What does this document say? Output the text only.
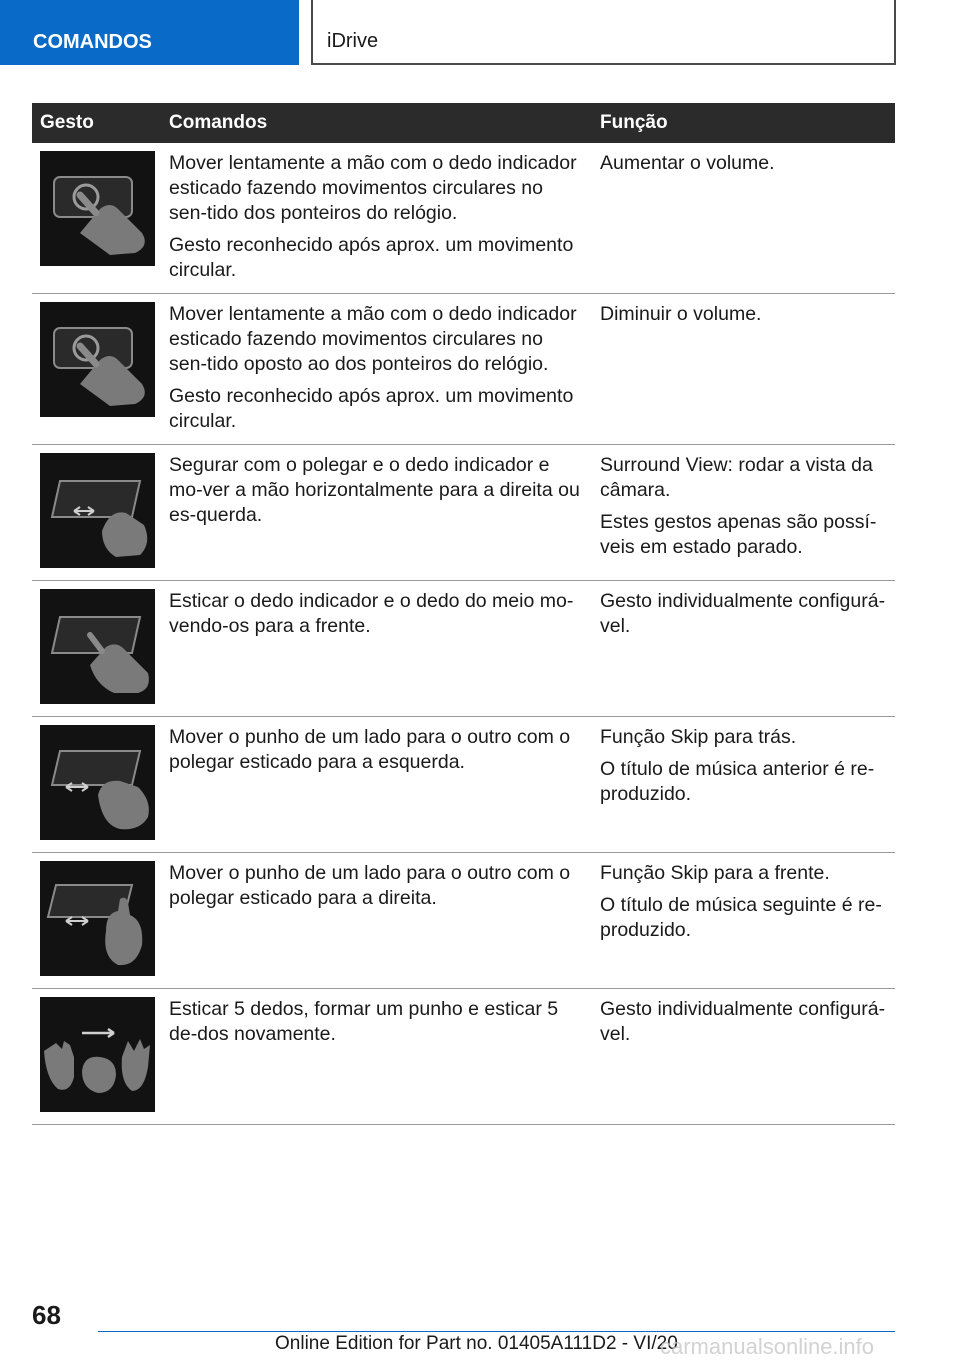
COMANDOS	iDrive
Gesto	Comandos	Função

Mover lentamente a mão com o dedo indicador esticado fazendo movimentos circulares no sen-tido dos ponteiros do relógio.

Gesto reconhecido após aprox. um movimento circular.	Aumentar o volume.

Mover lentamente a mão com o dedo indicador esticado fazendo movimentos circulares no sen-tido oposto ao dos ponteiros do relógio.

Gesto reconhecido após aprox. um movimento circular.	Diminuir o volume.

Segurar com o polegar e o dedo indicador e mo-ver a mão horizontalmente para a direita ou es-querda.	Surround View: rodar a vista da câmara.

Estes gestos apenas são possí-veis em estado parado.

Esticar o dedo indicador e o dedo do meio mo-vendo-os para a frente.	Gesto individualmente configurá-vel.

Mover o punho de um lado para o outro com o polegar esticado para a esquerda.	Função Skip para trás.

O título de música anterior é re-produzido.

Mover o punho de um lado para o outro com o polegar esticado para a direita.	Função Skip para a frente.

O título de música seguinte é re-produzido.

Esticar 5 dedos, formar um punho e esticar 5 de-dos novamente.	Gesto individualmente configurá-vel.

68
Online Edition for Part no. 01405A111D2 - VI/20
carmanualsonline.info
